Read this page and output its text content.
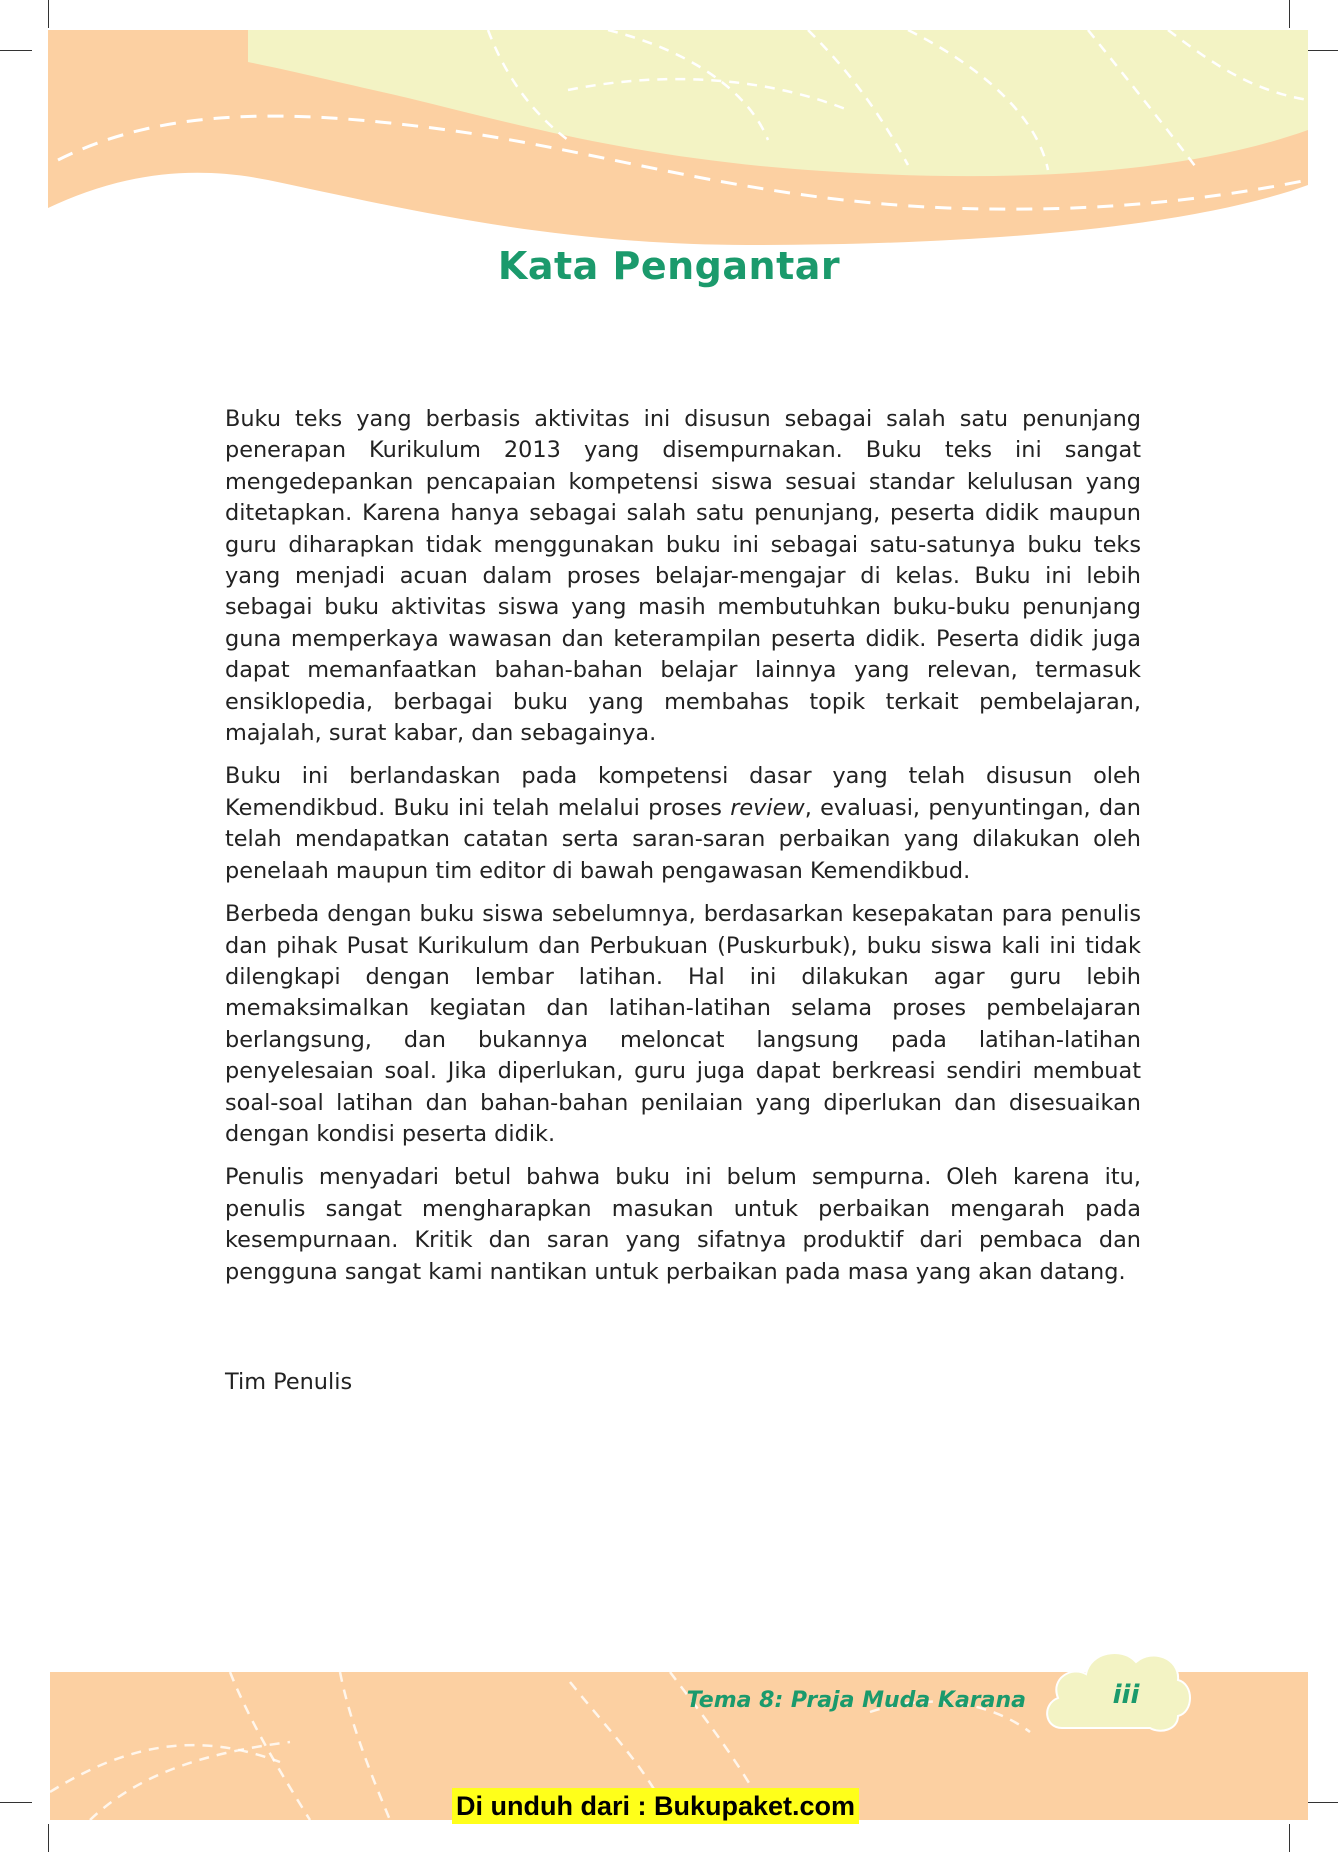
Kata Pengantar

Buku teks yang berbasis aktivitas ini disusun sebagai salah satu penunjang penerapan Kurikulum 2013 yang disempurnakan. Buku teks ini sangat mengedepankan pencapaian kompetensi siswa sesuai standar kelulusan yang ditetapkan. Karena hanya sebagai salah satu penunjang, peserta didik maupun guru diharapkan tidak menggunakan buku ini sebagai satu-satunya buku teks yang menjadi acuan dalam proses belajar-mengajar di kelas. Buku ini lebih sebagai buku aktivitas siswa yang masih membutuhkan buku-buku penunjang guna memperkaya wawasan dan keterampilan peserta didik. Peserta didik juga dapat memanfaatkan bahan-bahan belajar lainnya yang relevan, termasuk ensiklopedia, berbagai buku yang membahas topik terkait pembelajaran, majalah, surat kabar, dan sebagainya.

Buku ini berlandaskan pada kompetensi dasar yang telah disusun oleh Kemendikbud. Buku ini telah melalui proses review, evaluasi, penyuntingan, dan telah mendapatkan catatan serta saran-saran perbaikan yang dilakukan oleh penelaah maupun tim editor di bawah pengawasan Kemendikbud.

Berbeda dengan buku siswa sebelumnya, berdasarkan kesepakatan para penulis dan pihak Pusat Kurikulum dan Perbukuan (Puskurbuk), buku siswa kali ini tidak dilengkapi dengan lembar latihan. Hal ini dilakukan agar guru lebih memaksimalkan kegiatan dan latihan-latihan selama proses pembelajaran berlangsung, dan bukannya meloncat langsung pada latihan-latihan penyelesaian soal. Jika diperlukan, guru juga dapat berkreasi sendiri membuat soal-soal latihan dan bahan-bahan penilaian yang diperlukan dan disesuaikan dengan kondisi peserta didik.

Penulis menyadari betul bahwa buku ini belum sempurna. Oleh karena itu, penulis sangat mengharapkan masukan untuk perbaikan mengarah pada kesempurnaan. Kritik dan saran yang sifatnya produktif dari pembaca dan pengguna sangat kami nantikan untuk perbaikan pada masa yang akan datang.

Tim Penulis
Tema 8: Praja Muda Karana	iii
Di unduh dari : Bukupaket.com
